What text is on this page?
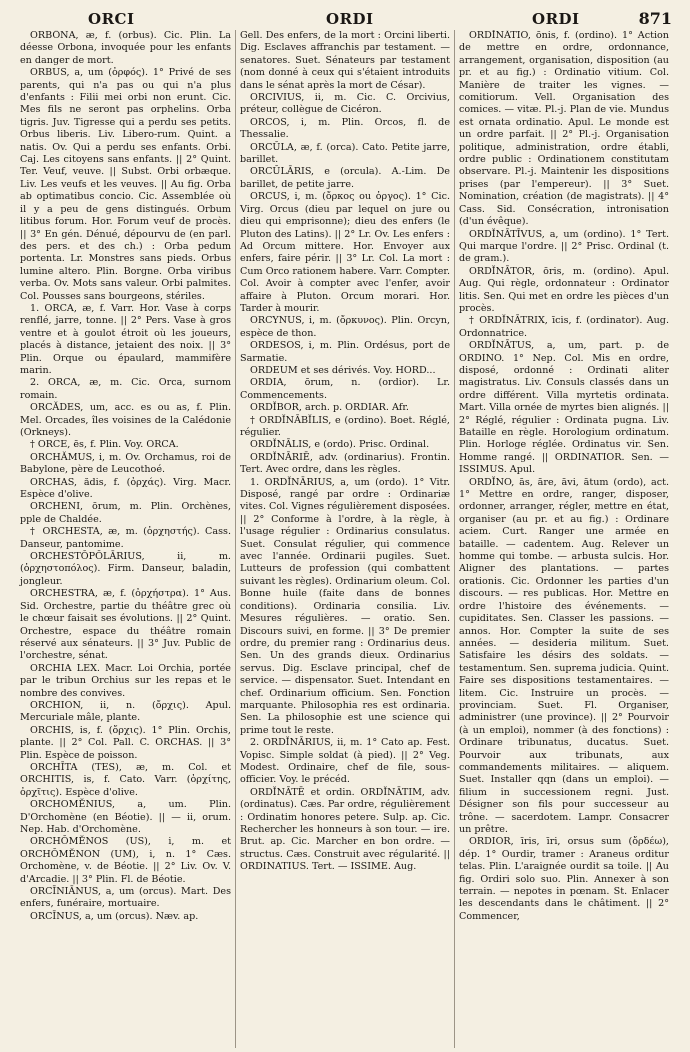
ORCI	ORDI	ORDI	871

ORBŌNA, æ, f. (orbus). Cic. Plin. La déesse Orbona, invoquée pour les enfants en danger de mort.

ORBUS, a, um (ὀρφός). 1° Privé de ses parents, qui n'a pas ou qui n'a plus d'enfants : Filii mei orbi non erunt. Cic. Mes fils ne seront pas orphelins. Orba tigris. Juv. Tigresse qui a perdu ses petits. Orbus liberis. Liv. Libero-rum. Quint. a natis. Ov. Qui a perdu ses enfants. Orbi. Caj. Les citoyens sans enfants. || 2° Quint. Ter. Veuf, veuve. || Subst. Orbi orbæque. Liv. Les veufs et les veuves. || Au fig. Orba ab optimatibus concio. Cic. Assemblée où il y a peu de gens distingués. Orbum litibus forum. Hor. Forum veuf de procès. || 3° En gén. Dénué, dépourvu de (en parl. des pers. et des ch.) : Orba pedum portenta. Lr. Monstres sans pieds. Orbus lumine altero. Plin. Borgne. Orba viribus verba. Ov. Mots sans valeur. Orbi palmites. Col. Pousses sans bourgeons, stériles.

1. ORCA, æ, f. Varr. Hor. Vase à corps renflé, jarre, tonne. || 2° Pers. Vase à gros ventre et à goulot étroit où les joueurs, placés à distance, jetaient des noix. || 3° Plin. Orque ou épaulard, mammifère marin.

2. ORCA, æ, m. Cic. Orca, surnom romain.

ORCĂDES, um, acc. es ou as, f. Plin. Mel. Orcades, îles voisines de la Calédonie (Orkneys).

† ORCE, ēs, f. Plin. Voy. ORCA.

ORCHĂMUS, i, m. Ov. Orchamus, roi de Babylone, père de Leucothoé.

ORCHAS, ădis, f. (ὀρχάς). Virg. Macr. Espèce d'olive.

ORCHENI, ōrum, m. Plin. Orchènes, pple de Chaldée.

† ORCHESTA, æ, m. (ὀρχηστής). Cass. Danseur, pantomime.

ORCHESTŎPŎLĀRIUS, ii, m. (ὀρχηστοπόλος). Firm. Danseur, baladin, jongleur.

ORCHESTRA, æ, f. (ὀρχήστρα). 1° Aus. Sid. Orchestre, partie du théâtre grec où le chœur faisait ses évolutions. || 2° Quint. Orchestre, espace du théâtre romain réservé aux sénateurs. || 3° Juv. Public de l'orchestre, sénat.

ORCHIA LEX. Macr. Loi Orchia, portée par le tribun Orchius sur les repas et le nombre des convives.

ORCHION, ii, n. (ὄρχις). Apul. Mercuriale mâle, plante.

ORCHIS, is, f. (ὄρχις). 1° Plin. Orchis, plante. || 2° Col. Pall. C. ORCHAS. || 3° Plin. Espèce de poisson.

ORCHĪTA (TES), æ, m. Col. et ORCHITIS, is, f. Cato. Varr. (ὀρχίτης, ὀρχῖτις). Espèce d'olive.

ORCHOMĔNIUS, a, um. Plin. D'Orchomène (en Béotie). || — ii, orum. Nep. Hab. d'Orchomène.

ORCHŎMĔNOS (US), i, m. et ORCHŎMĔNON (UM), i, n. 1° Cæs. Orchomène, v. de Béotie. || 2° Liv. Ov. V. d'Arcadie. || 3° Plin. Fl. de Béotie.

ORCĪNIĀNUS, a, um (orcus). Mart. Des enfers, funéraire, mortuaire.

ORCĪNUS, a, um (orcus). Næv. ap.

Gell. Des enfers, de la mort : Orcini liberti. Dig. Esclaves affranchis par testament. — senatores. Suet. Sénateurs par testament (nom donné à ceux qui s'étaient introduits dans le sénat après la mort de César).

ORCIVIUS, ii, m. Cic. C. Orcivius, préteur, collègue de Cicéron.

ORCOS, i, m. Plin. Orcos, fl. de Thessalie.

ORCŬLA, æ, f. (orca). Cato. Petite jarre, barillet.

ORCŬLĀRIS, e (orcula). A.-Lim. De barillet, de petite jarre.

ORCUS, i, m. (ὄρκος ou ὀργος). 1° Cic. Virg. Orcus (dieu par lequel on jure ou dieu qui emprisonne); dieu des enfers (le Pluton des Latins). || 2° Lr. Ov. Les enfers : Ad Orcum mittere. Hor. Envoyer aux enfers, faire périr. || 3° Lr. Col. La mort : Cum Orco rationem habere. Varr. Compter. Col. Avoir à compter avec l'enfer, avoir affaire à Pluton. Orcum morari. Hor. Tarder à mourir.

ORCYNUS, i, m. (ὄρκυνος). Plin. Orcyn, espèce de thon.

ORDESOS, i, m. Plin. Ordésus, port de Sarmatie.

ORDEUM et ses dérivés. Voy. HORD...

ORDIA, ōrum, n. (ordior). Lr. Commencements.

ORDĬBOR, arch. p. ORDIAR. Afr.

† ORDĬNĀBĬLIS, e (ordino). Boet. Réglé, régulier.

ORDĬNĀLIS, e (ordo). Prisc. Ordinal.

ORDĬNĀRIĒ, adv. (ordinarius). Frontin. Tert. Avec ordre, dans les règles.

1. ORDĬNĀRIUS, a, um (ordo). 1° Vitr. Disposé, rangé par ordre : Ordinariæ vites. Col. Vignes régulièrement disposées. || 2° Conforme à l'ordre, à la règle, à l'usage régulier : Ordinarius consulatus. Suet. Consulat régulier, qui commence avec l'année. Ordinarii pugiles. Suet. Lutteurs de profession (qui combattent suivant les règles). Ordinarium oleum. Col. Bonne huile (faite dans de bonnes conditions). Ordinaria consilia. Liv. Mesures régulières. — oratio. Sen. Discours suivi, en forme. || 3° De premier ordre, du premier rang : Ordinarius deus. Sen. Un des grands dieux. Ordinarius servus. Dig. Esclave principal, chef de service. — dispensator. Suet. Intendant en chef. Ordinarium officium. Sen. Fonction marquante. Philosophia res est ordinaria. Sen. La philosophie est une science qui prime tout le reste.

2. ORDĬNĀRIUS, ii, m. 1° Cato ap. Fest. Vopisc. Simple soldat (à pied). || 2° Veg. Modest. Ordinaire, chef de file, sous-officier. Voy. le précéd.

ORDĬNĀTĒ et ordin. ORDĬNĀTIM, adv. (ordinatus). Cæs. Par ordre, régulièrement : Ordinatim honores petere. Sulp. ap. Cic. Rechercher les honneurs à son tour. — ire. Brut. ap. Cic. Marcher en bon ordre. — structus. Cæs. Construit avec régularité. || ORDINATIUS. Tert. — ISSIME. Aug.

ORDĬNĀTIO, ōnis, f. (ordino). 1° Action de mettre en ordre, ordonnance, arrangement, organisation, disposition (au pr. et au fig.) : Ordinatio vitium. Col. Manière de traiter les vignes. — comitiorum. Vell. Organisation des comices. — vitæ. Pl.-j. Plan de vie. Mundus est ornata ordinatio. Apul. Le monde est un ordre parfait. || 2° Pl.-j. Organisation politique, administration, ordre établi, ordre public : Ordinationem constitutam observare. Pl.-j. Maintenir les dispositions prises (par l'empereur). || 3° Suet. Nomination, création (de magistrats). || 4° Cass. Sid. Consécration, intronisation (d'un évêque).

ORDĬNĀTĪVUS, a, um (ordino). 1° Tert. Qui marque l'ordre. || 2° Prisc. Ordinal (t. de gram.).

ORDĬNĀTOR, ōris, m. (ordino). Apul. Aug. Qui règle, ordonnateur : Ordinator litis. Sen. Qui met en ordre les pièces d'un procès.

† ORDĬNĀTRIX, īcis, f. (ordinator). Aug. Ordonnatrice.

ORDĬNĀTUS, a, um, part. p. de ORDINO. 1° Nep. Col. Mis en ordre, disposé, ordonné : Ordinati aliter magistratus. Liv. Consuls classés dans un ordre différent. Villa myrtetis ordinata. Mart. Villa ornée de myrtes bien alignés. || 2° Réglé, régulier : Ordinata pugna. Liv. Bataille en règle. Horologium ordinatum. Plin. Horloge réglée. Ordinatus vir. Sen. Homme rangé. || ORDINATIOR. Sen. — ISSIMUS. Apul.

ORDĬNO, ās, āre, āvi, ātum (ordo), act. 1° Mettre en ordre, ranger, disposer, ordonner, arranger, régler, mettre en état, organiser (au pr. et au fig.) : Ordinare aciem. Curt. Ranger une armée en bataille. — cadentem. Aug. Relever un homme qui tombe. — arbusta sulcis. Hor. Aligner des plantations. — partes orationis. Cic. Ordonner les parties d'un discours. — res publicas. Hor. Mettre en ordre l'histoire des événements. — cupiditates. Sen. Classer les passions. — annos. Hor. Compter la suite de ses années. — desideria militum. Suet. Satisfaire les désirs des soldats. — testamentum. Sen. suprema judicia. Quint. Faire ses dispositions testamentaires. — litem. Cic. Instruire un procès. — provinciam. Suet. Fl. Organiser, administrer (une province). || 2° Pourvoir (à un emploi), nommer (à des fonctions) : Ordinare tribunatus, ducatus. Suet. Pourvoir aux tribunats, aux commandements militaires. — aliquem. Suet. Installer qqn (dans un emploi). — filium in successionem regni. Just. Désigner son fils pour successeur au trône. — sacerdotem. Lampr. Consacrer un prêtre.

ORDIOR, īris, īri, orsus sum (ὄρδέω), dép. 1° Ourdir, tramer : Araneus orditur telas. Plin. L'araignée ourdit sa toile. || Au fig. Ordiri solo suo. Plin. Annexer à son terrain. — nepotes in pœnam. St. Enlacer les descendants dans le châtiment. || 2° Commencer,
